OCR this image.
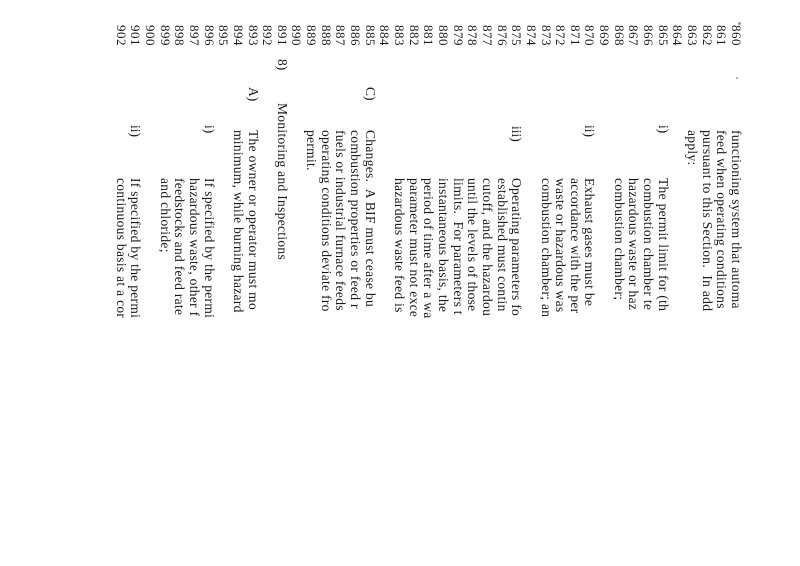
860
functioning system that automa
861
feed when operating conditions
862
pursuant to this Section.  In add
863
apply:
864
865
i)
The permit limit for (th
866
combustion chamber te
867
hazardous waste or haz
868
combustion chamber;
869
870
ii)
Exhaust gases must be
871
accordance with the per
872
waste or hazardous was
873
combustion chamber; an
874
875
iii)
Operating parameters fo
876
established must contin
877
cutoff, and the hazardou
878
until the levels of those
879
limits.  For parameters t
880
instantaneous basis, the
881
period of time after a wa
882
parameter must not exce
883
hazardous waste feed is
884
885
C)
Changes.  A BIF must cease bu
886
combustion properties or feed r
887
fuels or industrial furnace feeds
888
operating conditions deviate fro
889
permit.
890
891
8)
Monitoring and Inspections
892
893
A)
The owner or operator must mo
894
minimum, while burning hazard
895
896
i)
If specified by the permi
897
hazardous waste, other f
898
feedstocks and feed rate
899
and chloride;
900
901
ii)
If specified by the permi
902
continuous basis at a cor
